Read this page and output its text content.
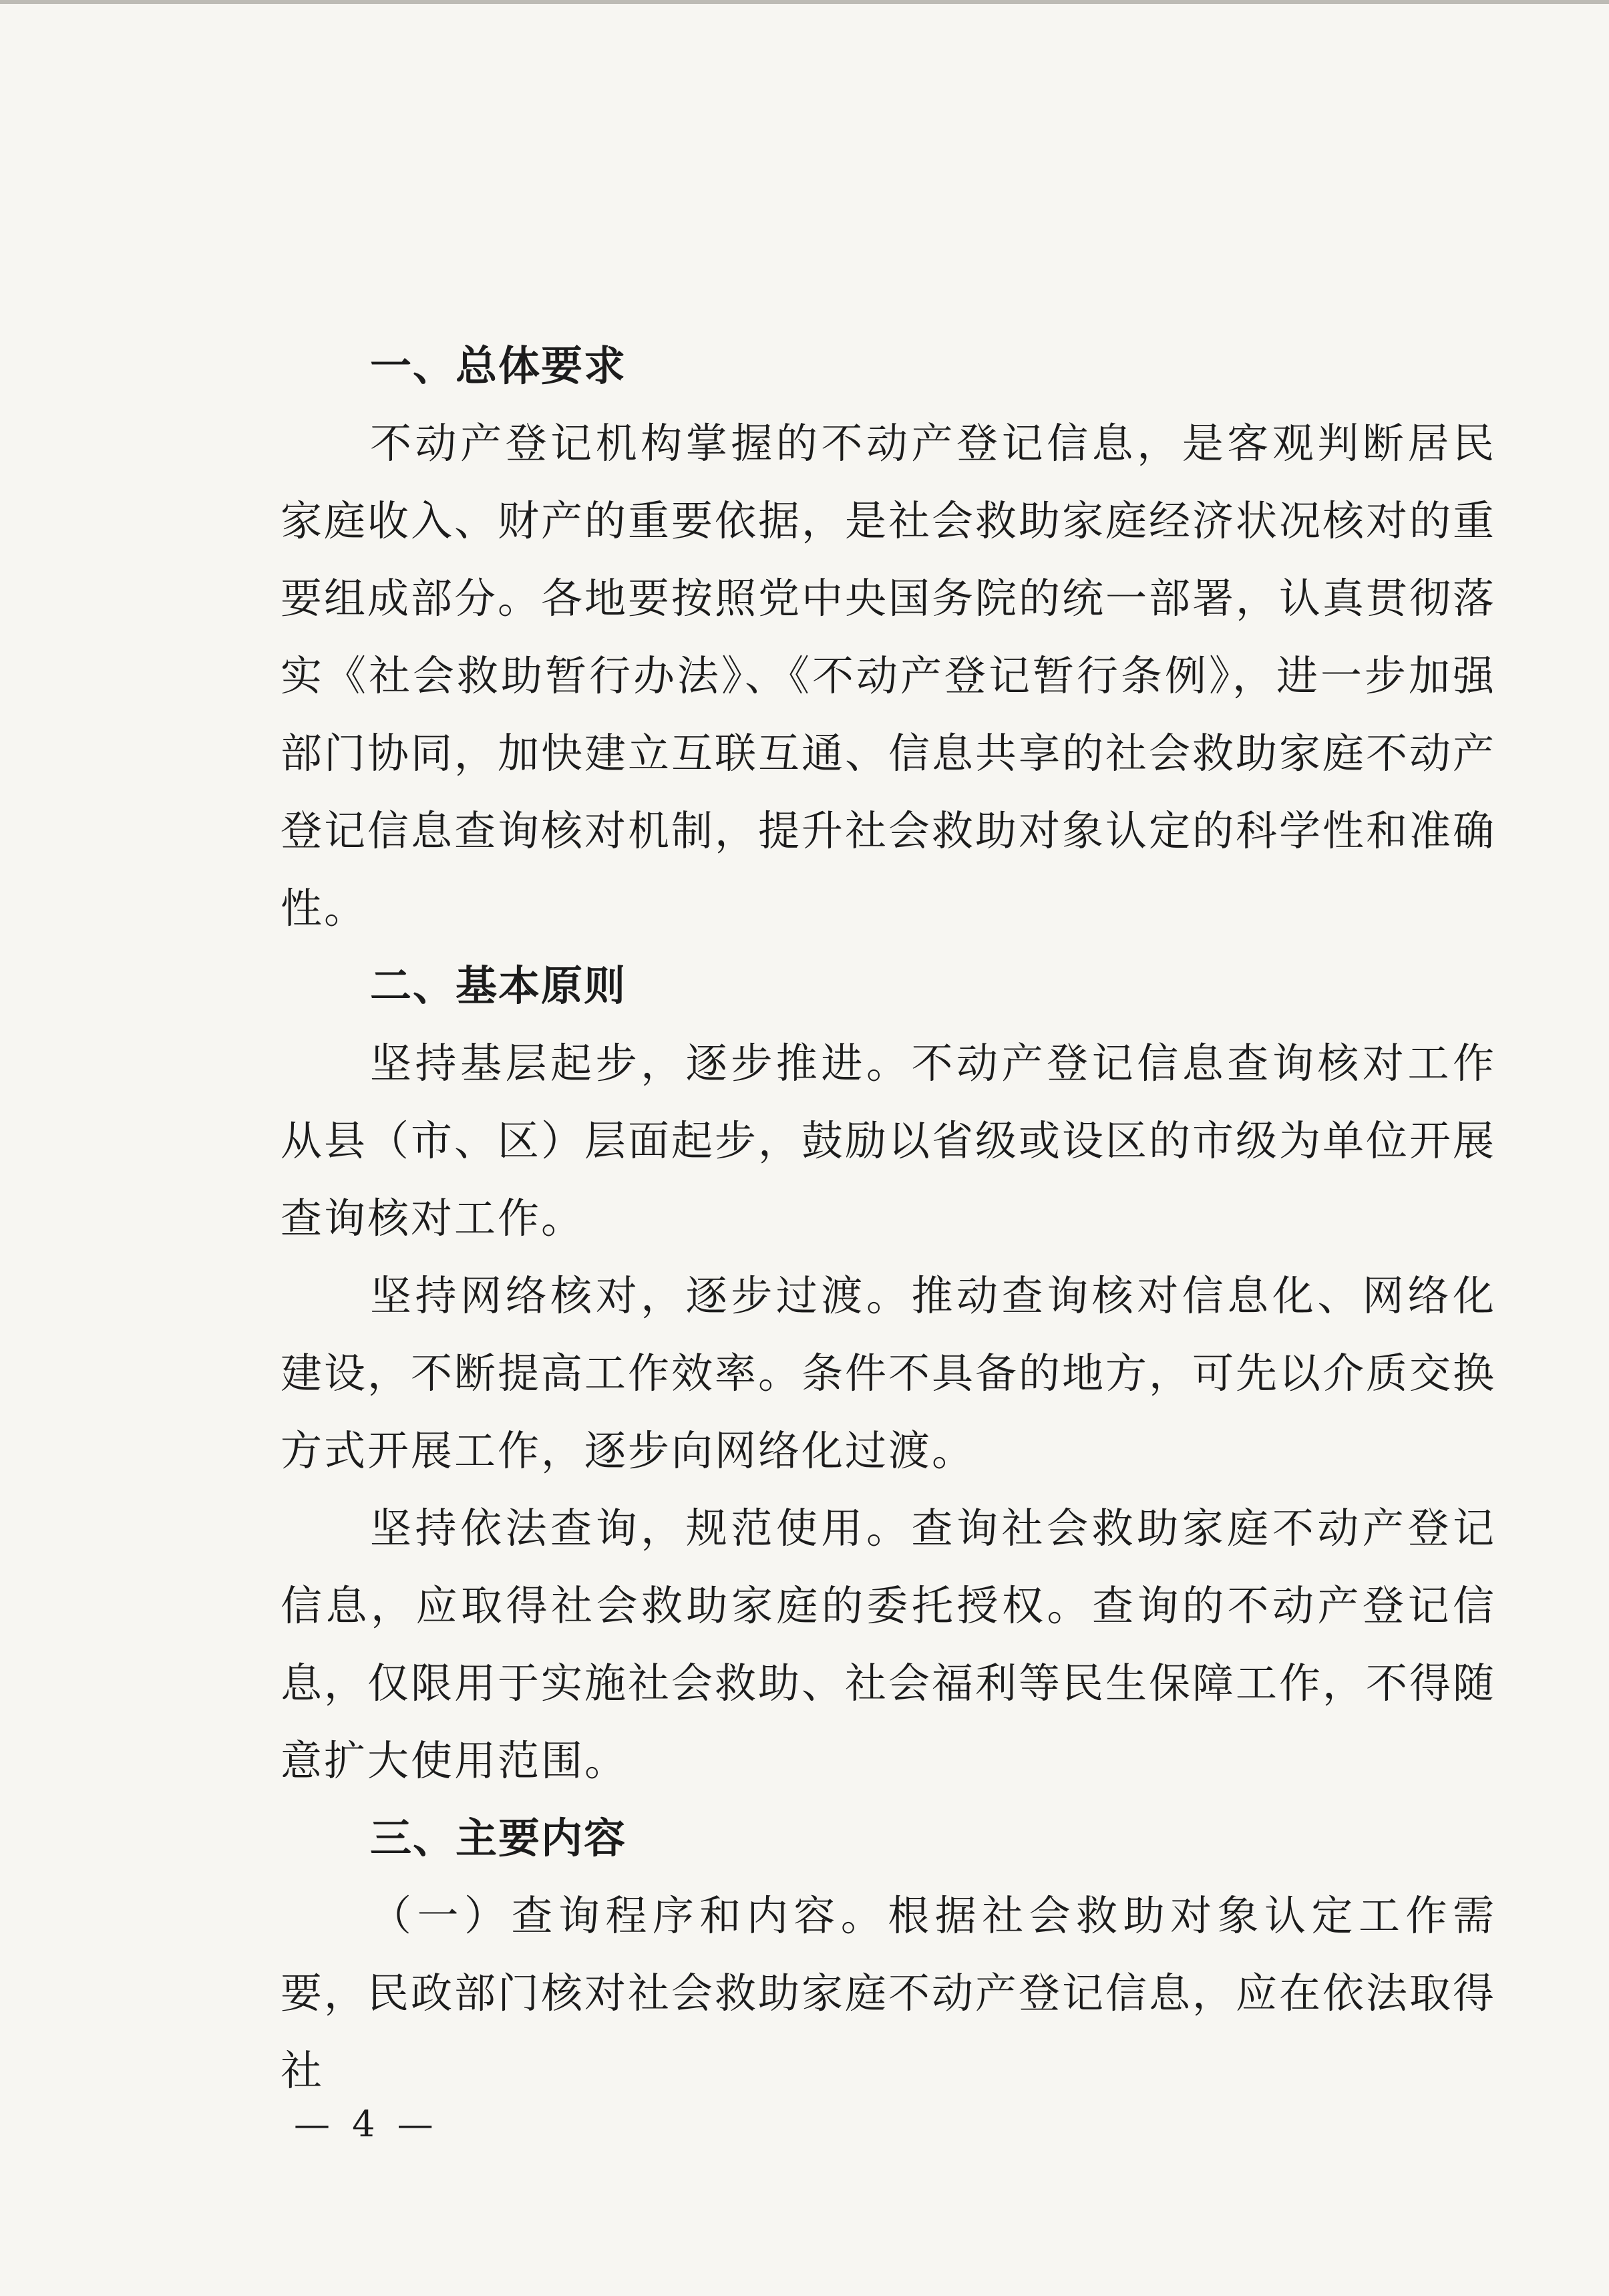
一、总体要求

不动产登记机构掌握的不动产登记信息，是客观判断居民家庭收入、财产的重要依据，是社会救助家庭经济状况核对的重要组成部分。各地要按照党中央国务院的统一部署，认真贯彻落实《社会救助暂行办法》、《不动产登记暂行条例》，进一步加强部门协同，加快建立互联互通、信息共享的社会救助家庭不动产登记信息查询核对机制，提升社会救助对象认定的科学性和准确性。

二、基本原则

坚持基层起步，逐步推进。不动产登记信息查询核对工作从县（市、区）层面起步，鼓励以省级或设区的市级为单位开展查询核对工作。

坚持网络核对，逐步过渡。推动查询核对信息化、网络化建设，不断提高工作效率。条件不具备的地方，可先以介质交换方式开展工作，逐步向网络化过渡。

坚持依法查询，规范使用。查询社会救助家庭不动产登记信息，应取得社会救助家庭的委托授权。查询的不动产登记信息，仅限用于实施社会救助、社会福利等民生保障工作，不得随意扩大使用范围。

三、主要内容

（一）查询程序和内容。根据社会救助对象认定工作需要，民政部门核对社会救助家庭不动产登记信息，应在依法取得社

— 4 —
